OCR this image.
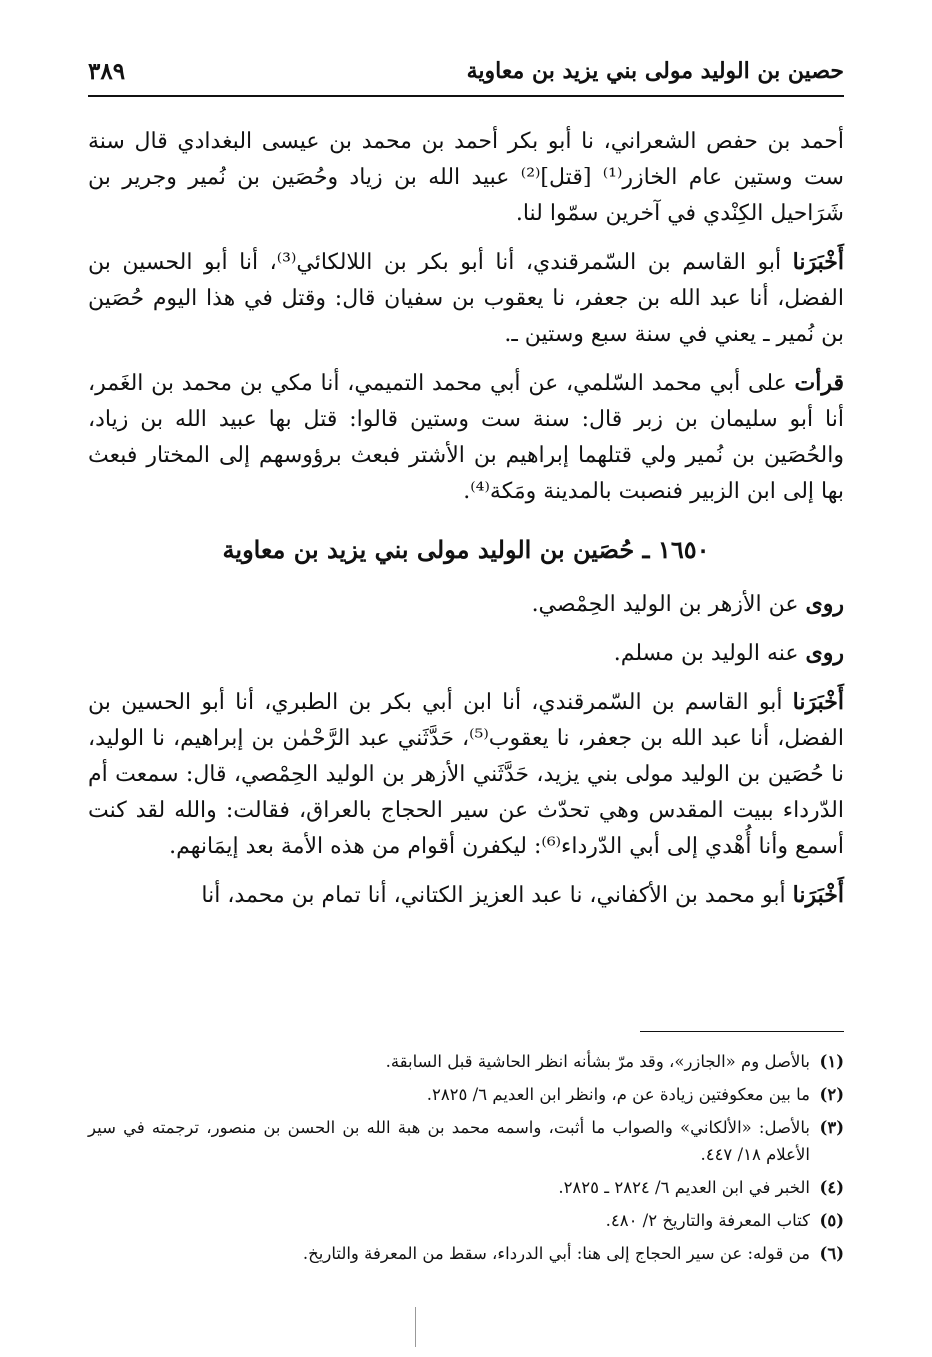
حصين بن الوليد مولى بني يزيد بن معاوية
٣٨٩

أحمد بن حفص الشعراني، نا أبو بكر أحمد بن محمد بن عيسى البغدادي قال سنة ست وستين عام الخازر⁽¹⁾ [قتل]⁽²⁾ عبيد الله بن زياد وحُصَين بن نُمير وجرير بن شَرَاحيل الكِنْدي في آخرين سمّوا لنا.

أَخْبَرَنا أبو القاسم بن السّمرقندي، أنا أبو بكر بن اللالكائي⁽³⁾، أنا أبو الحسين بن الفضل، أنا عبد الله بن جعفر، نا يعقوب بن سفيان قال: وقتل في هذا اليوم حُصَين بن نُمير ـ يعني في سنة سبع وستين ـ.

قرأت على أبي محمد السّلمي، عن أبي محمد التميمي، أنا مكي بن محمد بن الغَمر، أنا أبو سليمان بن زبر قال: سنة ست وستين قالوا: قتل بها عبيد الله بن زياد، والحُصَين بن نُمير ولي قتلهما إبراهيم بن الأشتر فبعث برؤوسهم إلى المختار فبعث بها إلى ابن الزبير فنصبت بالمدينة ومَكة⁽⁴⁾.

١٦٥٠ ـ حُصَين بن الوليد مولى بني يزيد بن معاوية

روى عن الأزهر بن الوليد الحِمْصي.

روى عنه الوليد بن مسلم.

أَخْبَرَنا أبو القاسم بن السّمرقندي، أنا ابن أبي بكر بن الطبري، أنا أبو الحسين بن الفضل، أنا عبد الله بن جعفر، نا يعقوب⁽⁵⁾، حَدَّثَني عبد الرَّحْمٰن بن إبراهيم، نا الوليد، نا حُصَين بن الوليد مولى بني يزيد، حَدَّثَني الأزهر بن الوليد الحِمْصي، قال: سمعت أم الدّرداء ببيت المقدس وهي تحدّث عن سير الحجاج بالعراق، فقالت: والله لقد كنت أسمع وأنا أُهْدي إلى أبي الدّرداء⁽⁶⁾: ليكفرن أقوام من هذه الأمة بعد إيمَانهم.

أَخْبَرَنا أبو محمد بن الأكفاني، نا عبد العزيز الكتاني، أنا تمام بن محمد، أنا

(١)
بالأصل وم «الجازر»، وقد مرّ بشأنه انظر الحاشية قبل السابقة.
(٢)
ما بين معكوفتين زيادة عن م، وانظر ابن العديم ٦/ ٢٨٢٥.
(٣)
بالأصل: «الألكاني» والصواب ما أثبت، واسمه محمد بن هبة الله بن الحسن بن منصور، ترجمته في سير الأعلام ١٨/ ٤٤٧.
(٤)
الخبر في ابن العديم ٦/ ٢٨٢٤ ـ ٢٨٢٥.
(٥)
كتاب المعرفة والتاريخ ٢/ ٤٨٠.
(٦)
من قوله: عن سير الحجاج إلى هنا: أبي الدرداء، سقط من المعرفة والتاريخ.
